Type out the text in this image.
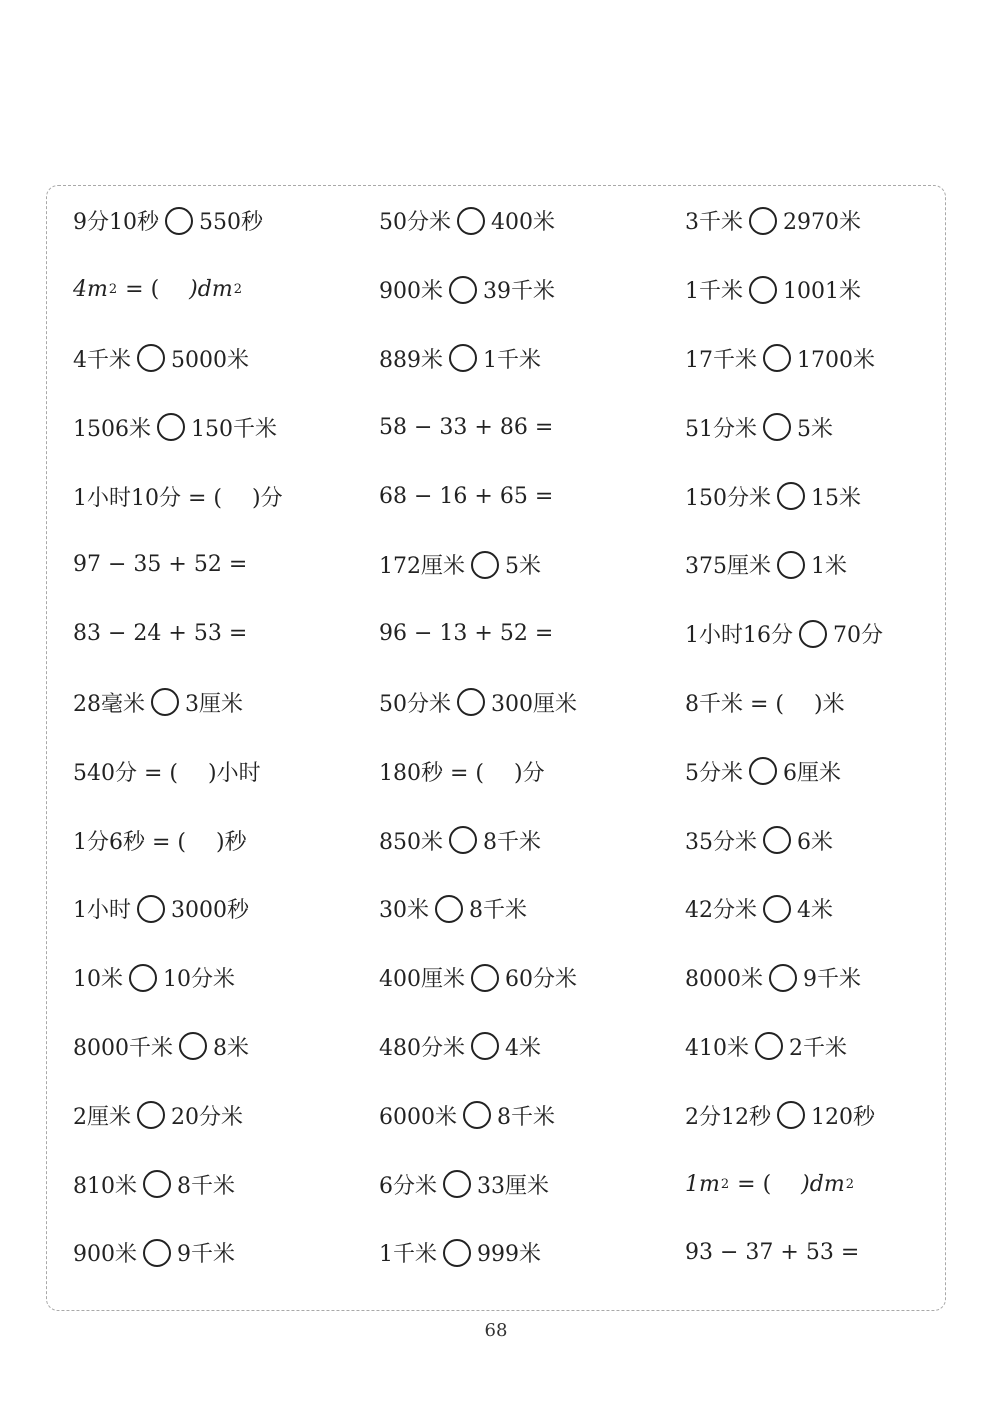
9分10秒 550秒	50分米 400米	3千米 2970米
4m 2 = ( )dm 2	900米 39千米	1千米 1001米
4千米 5000米	889米 1千米	17千米 1700米
1506米 150千米	58 − 33 + 86 =	51分米 5米
1小时10分 = ( )分	68 − 16 + 65 =	150分米 15米
97 − 35 + 52 =	172厘米 5米	375厘米 1米
83 − 24 + 53 =	96 − 13 + 52 =	1小时16分 70分
28毫米 3厘米	50分米 300厘米	8千米 = ( )米
540分 = ( )小时	180秒 = ( )分	5分米 6厘米
1分6秒 = ( )秒	850米 8千米	35分米 6米
1小时 3000秒	30米 8千米	42分米 4米
10米 10分米	400厘米 60分米	8000米 9千米
8000千米 8米	480分米 4米	410米 2千米
2厘米 20分米	6000米 8千米	2分12秒 120秒
810米 8千米	6分米 33厘米	1m 2 = ( )dm 2
900米 9千米	1千米 999米	93 − 37 + 53 =
68
